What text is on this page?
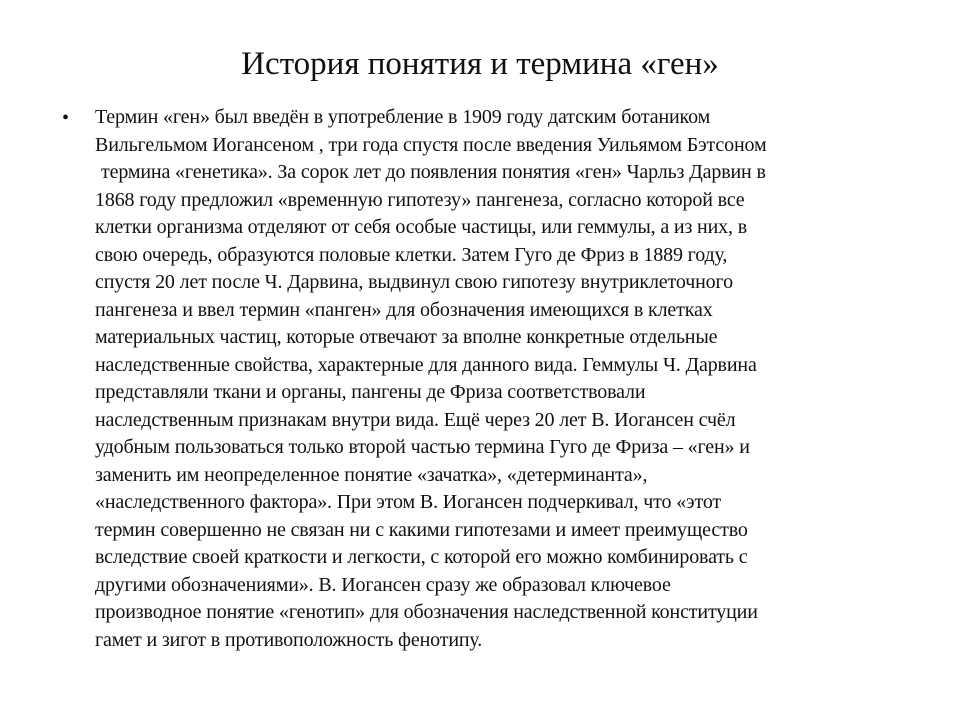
История понятия и термина «ген»
• Термин «ген» был введён в употребление в 1909 году датским ботаником
Вильгельмом Иогансеном , три года спустя после введения Уильямом Бэтсоном
термина «генетика». За сорок лет до появления понятия «ген» Чарльз Дарвин в
1868 году предложил «временную гипотезу» пангенеза, согласно которой все
клетки организма отделяют от себя особые частицы, или геммулы, а из них, в
свою очередь, образуются половые клетки. Затем Гуго де Фриз в 1889 году,
спустя 20 лет после Ч. Дарвина, выдвинул свою гипотезу внутриклеточного
пангенеза и ввел термин «панген» для обозначения имеющихся в клетках
материальных частиц, которые отвечают за вполне конкретные отдельные
наследственные свойства, характерные для данного вида. Геммулы Ч. Дарвина
представляли ткани и органы, пангены де Фриза соответствовали
наследственным признакам внутри вида. Ещё через 20 лет В. Иогансен счёл
удобным пользоваться только второй частью термина Гуго де Фриза – «ген» и
заменить им неопределенное понятие «зачатка», «детерминанта»,
«наследственного фактора». При этом В. Иогансен подчеркивал, что «этот
термин совершенно не связан ни с какими гипотезами и имеет преимущество
вследствие своей краткости и легкости, с которой его можно комбинировать с
другими обозначениями». В. Иогансен сразу же образовал ключевое
производное понятие «генотип» для обозначения наследственной конституции
гамет и зигот в противоположность фенотипу.
